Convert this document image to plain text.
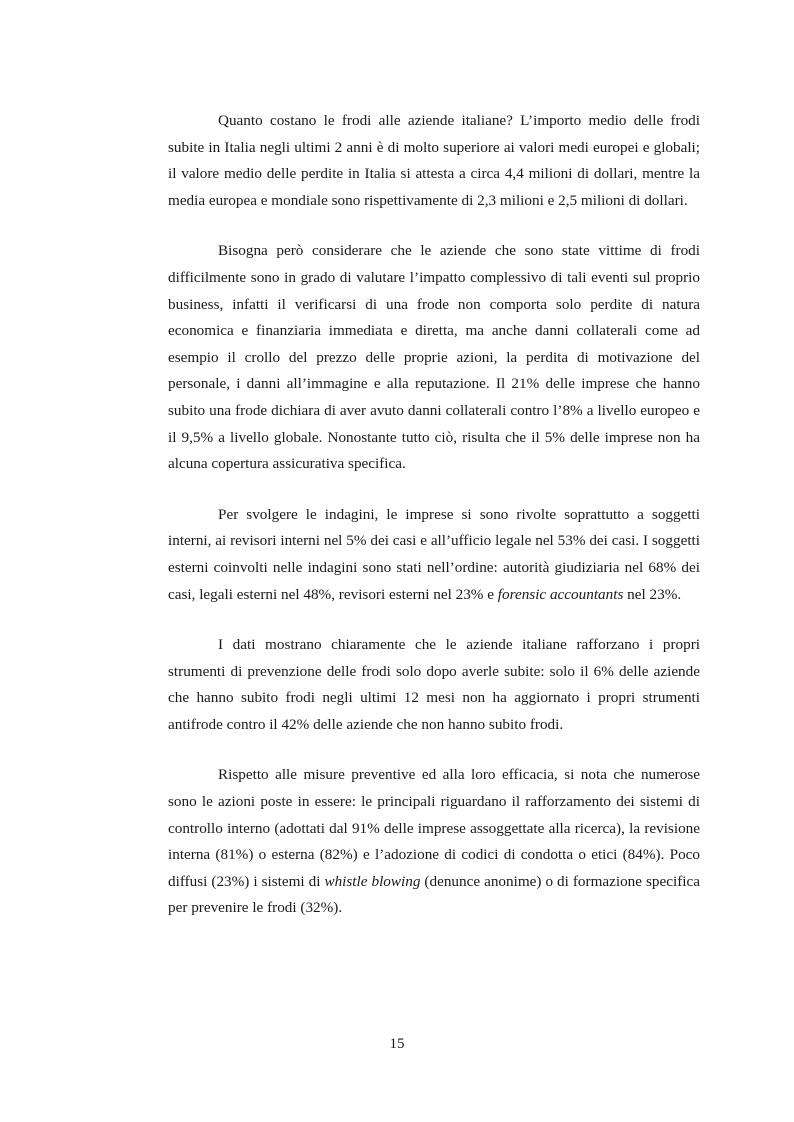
Quanto costano le frodi alle aziende italiane? L’importo medio delle frodi subite in Italia negli ultimi 2 anni è di molto superiore ai valori medi europei e globali; il valore medio delle perdite in Italia si attesta a circa 4,4 milioni di dollari, mentre la media europea e mondiale sono rispettivamente di 2,3 milioni e 2,5 milioni di dollari.

Bisogna però considerare che le aziende che sono state vittime di frodi difficilmente sono in grado di valutare l’impatto complessivo di tali eventi sul proprio business, infatti il verificarsi di una frode non comporta solo perdite di natura economica e finanziaria immediata e diretta, ma anche danni collaterali come ad esempio il crollo del prezzo delle proprie azioni, la perdita di motivazione del personale, i danni all’immagine e alla reputazione. Il 21% delle imprese che hanno subito una frode dichiara di aver avuto danni collaterali contro l’8% a livello europeo e il 9,5% a livello globale. Nonostante tutto ciò, risulta che il 5% delle imprese non ha alcuna copertura assicurativa specifica.

Per svolgere le indagini, le imprese si sono rivolte soprattutto a soggetti interni, ai revisori interni nel 5% dei casi e all’ufficio legale nel 53% dei casi. I soggetti esterni coinvolti nelle indagini sono stati nell’ordine: autorità giudiziaria nel 68% dei casi, legali esterni nel 48%, revisori esterni nel 23% e forensic accountants nel 23%.

I dati mostrano chiaramente che le aziende italiane rafforzano i propri strumenti di prevenzione delle frodi solo dopo averle subite: solo il 6% delle aziende che hanno subito frodi negli ultimi 12 mesi non ha aggiornato i propri strumenti antifrode contro il 42% delle aziende che non hanno subito frodi.

Rispetto alle misure preventive ed alla loro efficacia, si nota che numerose sono le azioni poste in essere: le principali riguardano il rafforzamento dei sistemi di controllo interno (adottati dal 91% delle imprese assoggettate alla ricerca), la revisione interna (81%) o esterna (82%) e l’adozione di codici di condotta o etici (84%). Poco diffusi (23%) i sistemi di whistle blowing (denunce anonime) o di formazione specifica per prevenire le frodi (32%).

15
